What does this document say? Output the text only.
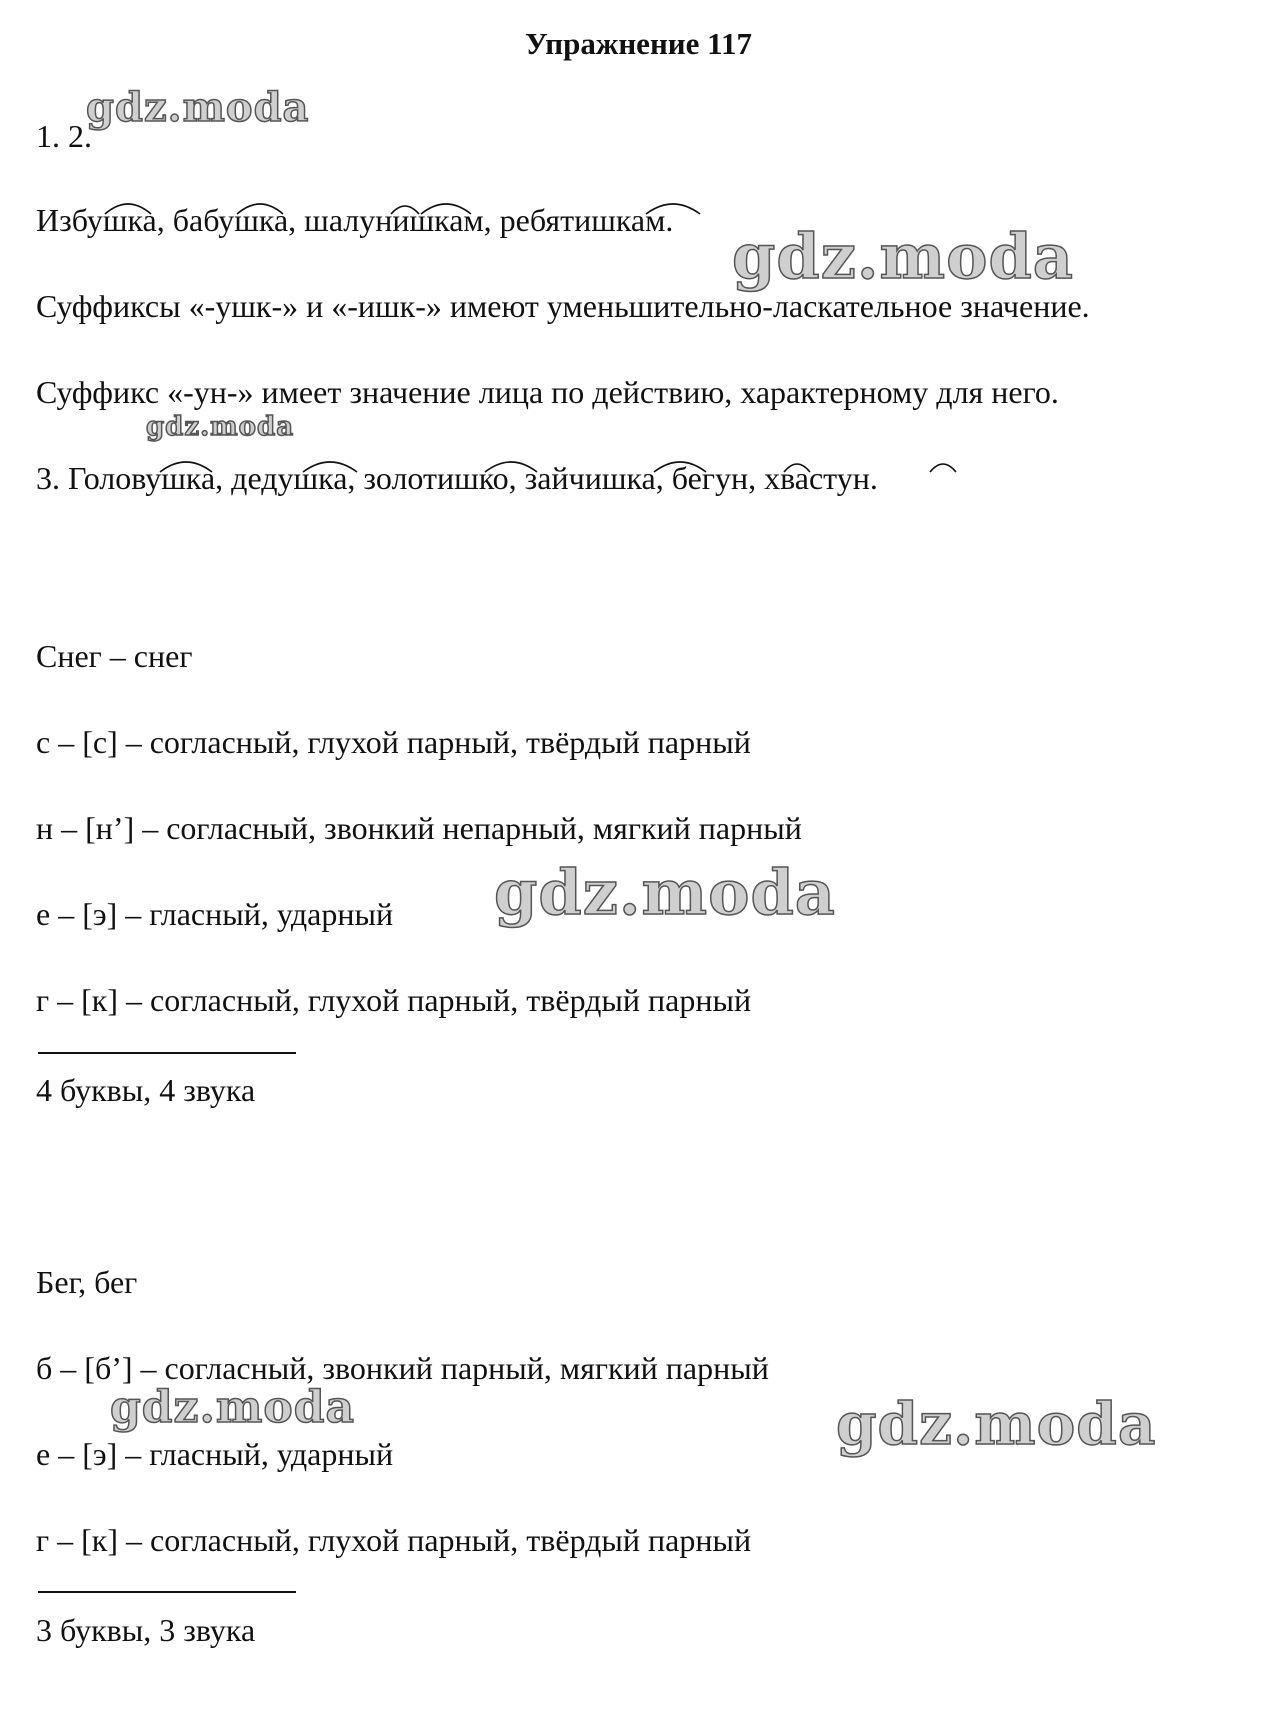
Упражнение 117
1. 2.
Избушка, бабушка, шалунишкам, ребятишкам.
Суффиксы «-ушк-» и «-ишк-» имеют уменьшительно-ласкательное значение.
Суффикс «-ун-» имеет значение лица по действию, характерному для него.
3. Головушка, дедушка, золотишко, зайчишка, бегун, хвастун.
Снег – снег
с – [с] – согласный, глухой парный, твёрдый парный
н – [н’] – согласный, звонкий непарный, мягкий парный
е – [э] – гласный, ударный
г – [к] – согласный, глухой парный, твёрдый парный
4 буквы, 4 звука
Бег, бег
б – [б’] – согласный, звонкий парный, мягкий парный
е – [э] – гласный, ударный
г – [к] – согласный, глухой парный, твёрдый парный
3 буквы, 3 звука
gdz.moda
gdz.moda
gdz.moda
gdz.moda
gdz.moda	gdz.moda
